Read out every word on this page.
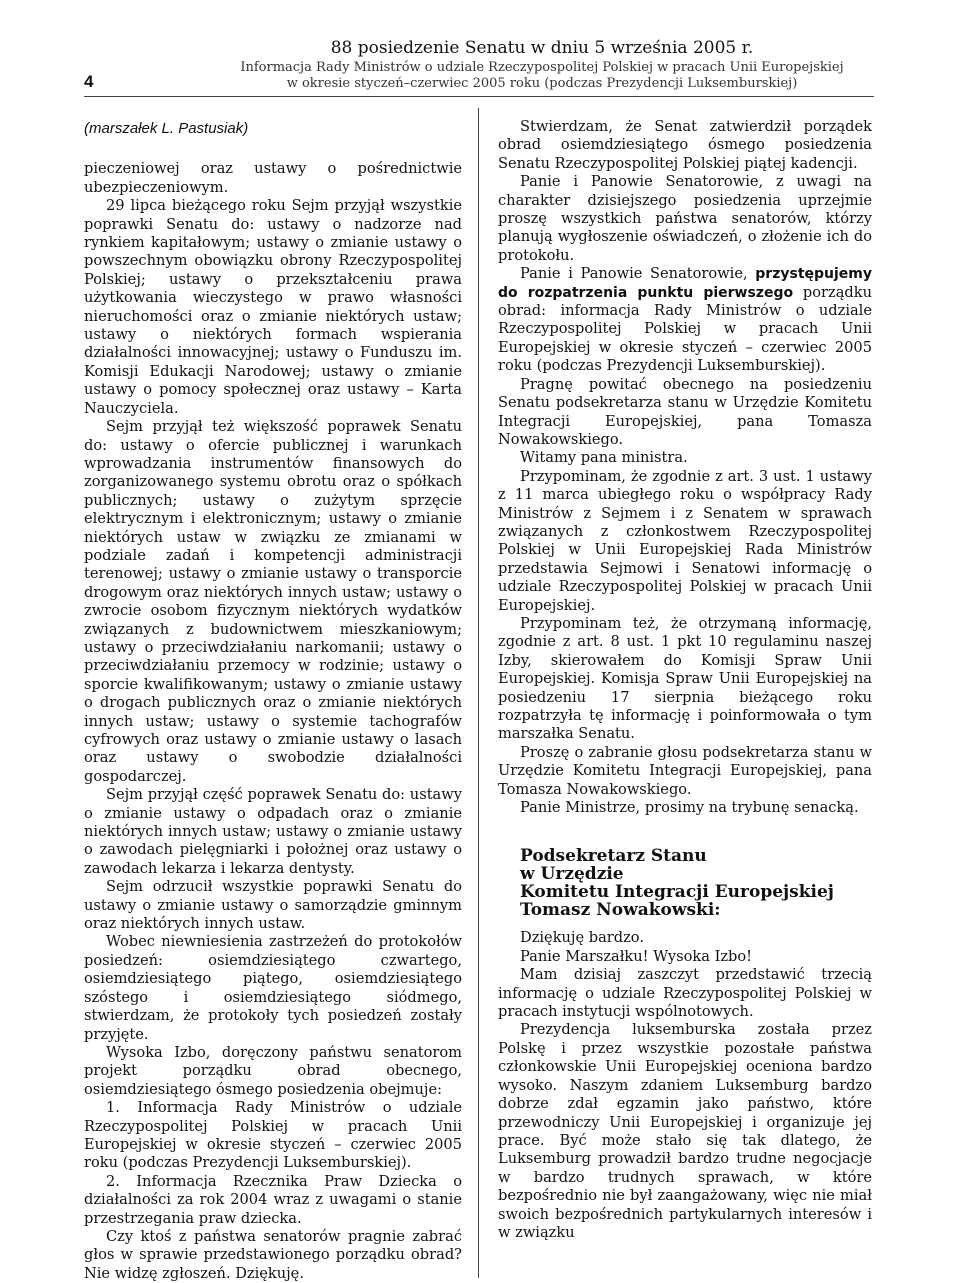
4
88 posiedzenie Senatu w dniu 5 września 2005 r.
Informacja Rady Ministrów o udziale Rzeczypospolitej Polskiej w pracach Unii Europejskiej
w okresie styczeń–czerwiec 2005 roku (podczas Prezydencji Luksemburskiej)
(marszałek L. Pastusiak)

pieczeniowej oraz ustawy o pośrednictwie ubezpieczeniowym.

29 lipca bieżącego roku Sejm przyjął wszystkie poprawki Senatu do: ustawy o nadzorze nad rynkiem kapitałowym; ustawy o zmianie ustawy o powszechnym obowiązku obrony Rzeczypospolitej Polskiej; ustawy o przekształceniu prawa użytkowania wieczystego w prawo własności nieruchomości oraz o zmianie niektórych ustaw; ustawy o niektórych formach wspierania działalności innowacyjnej; ustawy o Funduszu im. Komisji Edukacji Narodowej; ustawy o zmianie ustawy o pomocy społecznej oraz ustawy – Karta Nauczyciela.

Sejm przyjął też większość poprawek Senatu do: ustawy o ofercie publicznej i warunkach wprowadzania instrumentów finansowych do zorganizowanego systemu obrotu oraz o spółkach publicznych; ustawy o zużytym sprzęcie elektrycznym i elektronicznym; ustawy o zmianie niektórych ustaw w związku ze zmianami w podziale zadań i kompetencji administracji terenowej; ustawy o zmianie ustawy o transporcie drogowym oraz niektórych innych ustaw; ustawy o zwrocie osobom fizycznym niektórych wydatków związanych z budownictwem mieszkaniowym; ustawy o przeciwdziałaniu narkomanii; ustawy o przeciwdziałaniu przemocy w rodzinie; ustawy o sporcie kwalifikowanym; ustawy o zmianie ustawy o drogach publicznych oraz o zmianie niektórych innych ustaw; ustawy o systemie tachografów cyfrowych oraz ustawy o zmianie ustawy o lasach oraz ustawy o swobodzie działalności gospodarczej.

Sejm przyjął część poprawek Senatu do: ustawy o zmianie ustawy o odpadach oraz o zmianie niektórych innych ustaw; ustawy o zmianie ustawy o zawodach pielęgniarki i położnej oraz ustawy o zawodach lekarza i lekarza dentysty.

Sejm odrzucił wszystkie poprawki Senatu do ustawy o zmianie ustawy o samorządzie gminnym oraz niektórych innych ustaw.

Wobec niewniesienia zastrzeżeń do protokołów posiedzeń: osiemdziesiątego czwartego, osiemdziesiątego piątego, osiemdziesiątego szóstego i osiemdziesiątego siódmego, stwierdzam, że protokoły tych posiedzeń zostały przyjęte.

Wysoka Izbo, doręczony państwu senatorom projekt porządku obrad obecnego, osiemdziesiątego ósmego posiedzenia obejmuje:

1. Informacja Rady Ministrów o udziale Rzeczypospolitej Polskiej w pracach Unii Europejskiej w okresie styczeń – czerwiec 2005 roku (podczas Prezydencji Luksemburskiej).

2. Informacja Rzecznika Praw Dziecka o działalności za rok 2004 wraz z uwagami o stanie przestrzegania praw dziecka.

Czy ktoś z państwa senatorów pragnie zabrać głos w sprawie przedstawionego porządku obrad? Nie widzę zgłoszeń. Dziękuję.

Stwierdzam, że Senat zatwierdził porządek obrad osiemdziesiątego ósmego posiedzenia Senatu Rzeczypospolitej Polskiej piątej kadencji.

Panie i Panowie Senatorowie, z uwagi na charakter dzisiejszego posiedzenia uprzejmie proszę wszystkich państwa senatorów, którzy planują wygłoszenie oświadczeń, o złożenie ich do protokołu.

Panie i Panowie Senatorowie, przystępujemy do rozpatrzenia punktu pierwszego porządku obrad: informacja Rady Ministrów o udziale Rzeczypospolitej Polskiej w pracach Unii Europejskiej w okresie styczeń – czerwiec 2005 roku (podczas Prezydencji Luksemburskiej).

Pragnę powitać obecnego na posiedzeniu Senatu podsekretarza stanu w Urzędzie Komitetu Integracji Europejskiej, pana Tomasza Nowakowskiego.

Witamy pana ministra.

Przypominam, że zgodnie z art. 3 ust. 1 ustawy z 11 marca ubiegłego roku o współpracy Rady Ministrów z Sejmem i z Senatem w sprawach związanych z członkostwem Rzeczypospolitej Polskiej w Unii Europejskiej Rada Ministrów przedstawia Sejmowi i Senatowi informację o udziale Rzeczypospolitej Polskiej w pracach Unii Europejskiej.

Przypominam też, że otrzymaną informację, zgodnie z art. 8 ust. 1 pkt 10 regulaminu naszej Izby, skierowałem do Komisji Spraw Unii Europejskiej. Komisja Spraw Unii Europejskiej na posiedzeniu 17 sierpnia bieżącego roku rozpatrzyła tę informację i poinformowała o tym marszałka Senatu.

Proszę o zabranie głosu podsekretarza stanu w Urzędzie Komitetu Integracji Europejskiej, pana Tomasza Nowakowskiego.

Panie Ministrze, prosimy na trybunę senacką.

Podsekretarz Stanu
w Urzędzie
Komitetu Integracji Europejskiej
Tomasz Nowakowski:

Dziękuję bardzo.

Panie Marszałku! Wysoka Izbo!

Mam dzisiaj zaszczyt przedstawić trzecią informację o udziale Rzeczypospolitej Polskiej w pracach instytucji wspólnotowych.

Prezydencja luksemburska została przez Polskę i przez wszystkie pozostałe państwa członkowskie Unii Europejskiej oceniona bardzo wysoko. Naszym zdaniem Luksemburg bardzo dobrze zdał egzamin jako państwo, które przewodniczy Unii Europejskiej i organizuje jej prace. Być może stało się tak dlatego, że Luksemburg prowadził bardzo trudne negocjacje w bardzo trudnych sprawach, w które bezpośrednio nie był zaangażowany, więc nie miał swoich bezpośrednich partykularnych interesów i w związku
